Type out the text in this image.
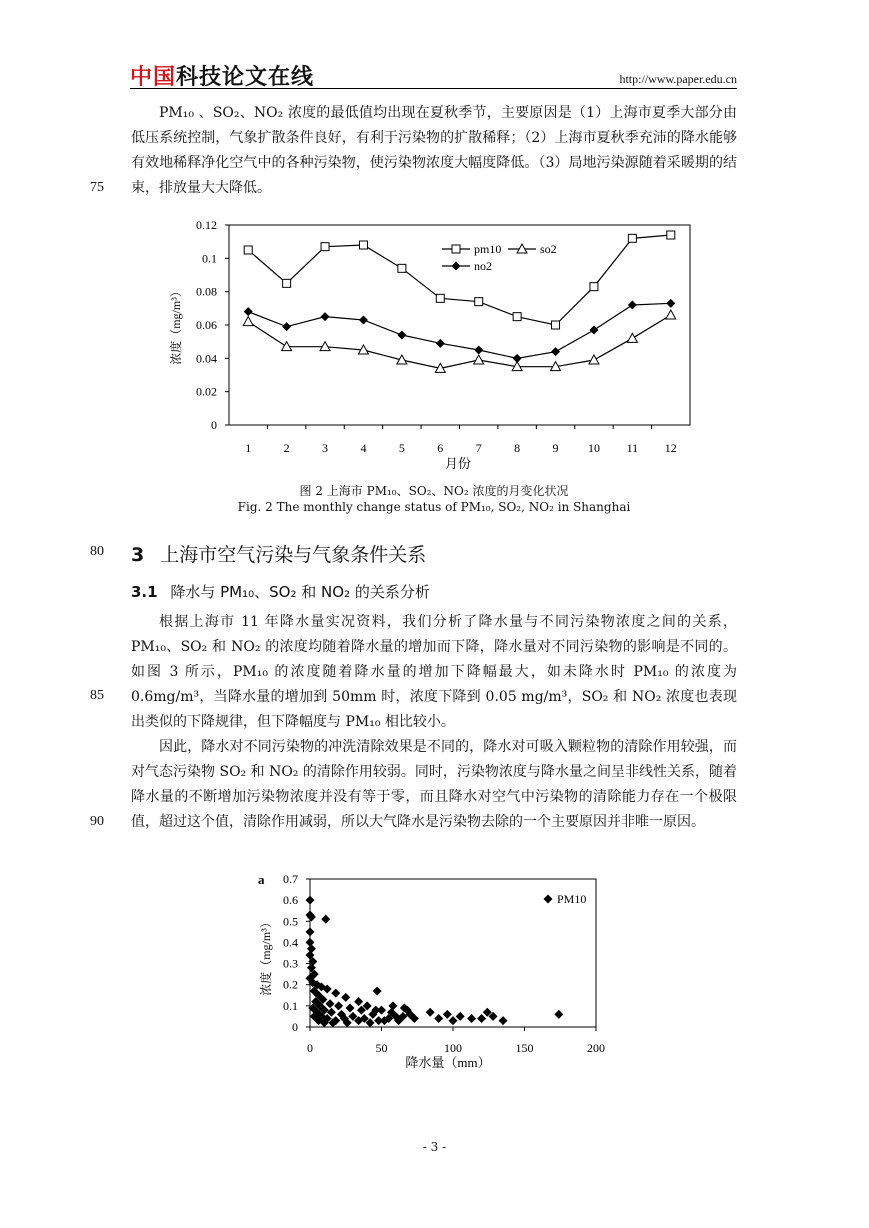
中国科技论文在线	http://www.paper.edu.cn

PM₁₀ 、SO₂、NO₂ 浓度的最低值均出现在夏秋季节，主要原因是（1）上海市夏季大部分由低压系统控制，气象扩散条件良好，有利于污染物的扩散稀释；（2）上海市夏秋季充沛的降水能够有效地稀释净化空气中的各种污染物，使污染物浓度大幅度降低。（3）局地污染源随着采暖期的结束，排放量大大降低。

75
浓度（mg/m³）
0
0.02
0.04
0.06
0.08
0.1
0.12
1	2	3	4	5	6	7	8	9 10 11 12
pm10	so2
no2
月份
图 2 上海市 PM₁₀、SO₂、NO₂ 浓度的月变化状况
Fig. 2 The monthly change status of PM₁₀, SO₂, NO₂ in Shanghai
80 3 上海市空气污染与气象条件关系
3.1 降水与 PM₁₀、SO₂ 和 NO₂ 的关系分析

根据上海市 11 年降水量实况资料，我们分析了降水量与不同污染物浓度之间的关系，PM₁₀、SO₂ 和 NO₂ 的浓度均随着降水量的增加而下降，降水量对不同污染物的影响是不同的。如图 3 所示，PM₁₀ 的浓度随着降水量的增加下降幅最大，如未降水时 PM₁₀ 的浓度为 0.6mg/m³，当降水量的增加到 50mm 时，浓度下降到 0.05 mg/m³，SO₂ 和 NO₂ 浓度也表现出类似的下降规律，但下降幅度与 PM₁₀ 相比较小。

因此，降水对不同污染物的冲洗清除效果是不同的，降水对可吸入颗粒物的清除作用较强，而对气态污染物 SO₂ 和 NO₂ 的清除作用较弱。同时，污染物浓度与降水量之间呈非线性关系，随着降水量的不断增加污染物浓度并没有等于零，而且降水对空气中污染物的清除能力存在一个极限值，超过这个值，清除作用减弱，所以大气降水是污染物去除的一个主要原因并非唯一原因。

85
90
a
浓度（mg/m³）
0
0.1
0.2
0.3
0.4
0.5
0.6
0.7
0	50	100	150	200
PM10
降水量（mm）
- 3 -
